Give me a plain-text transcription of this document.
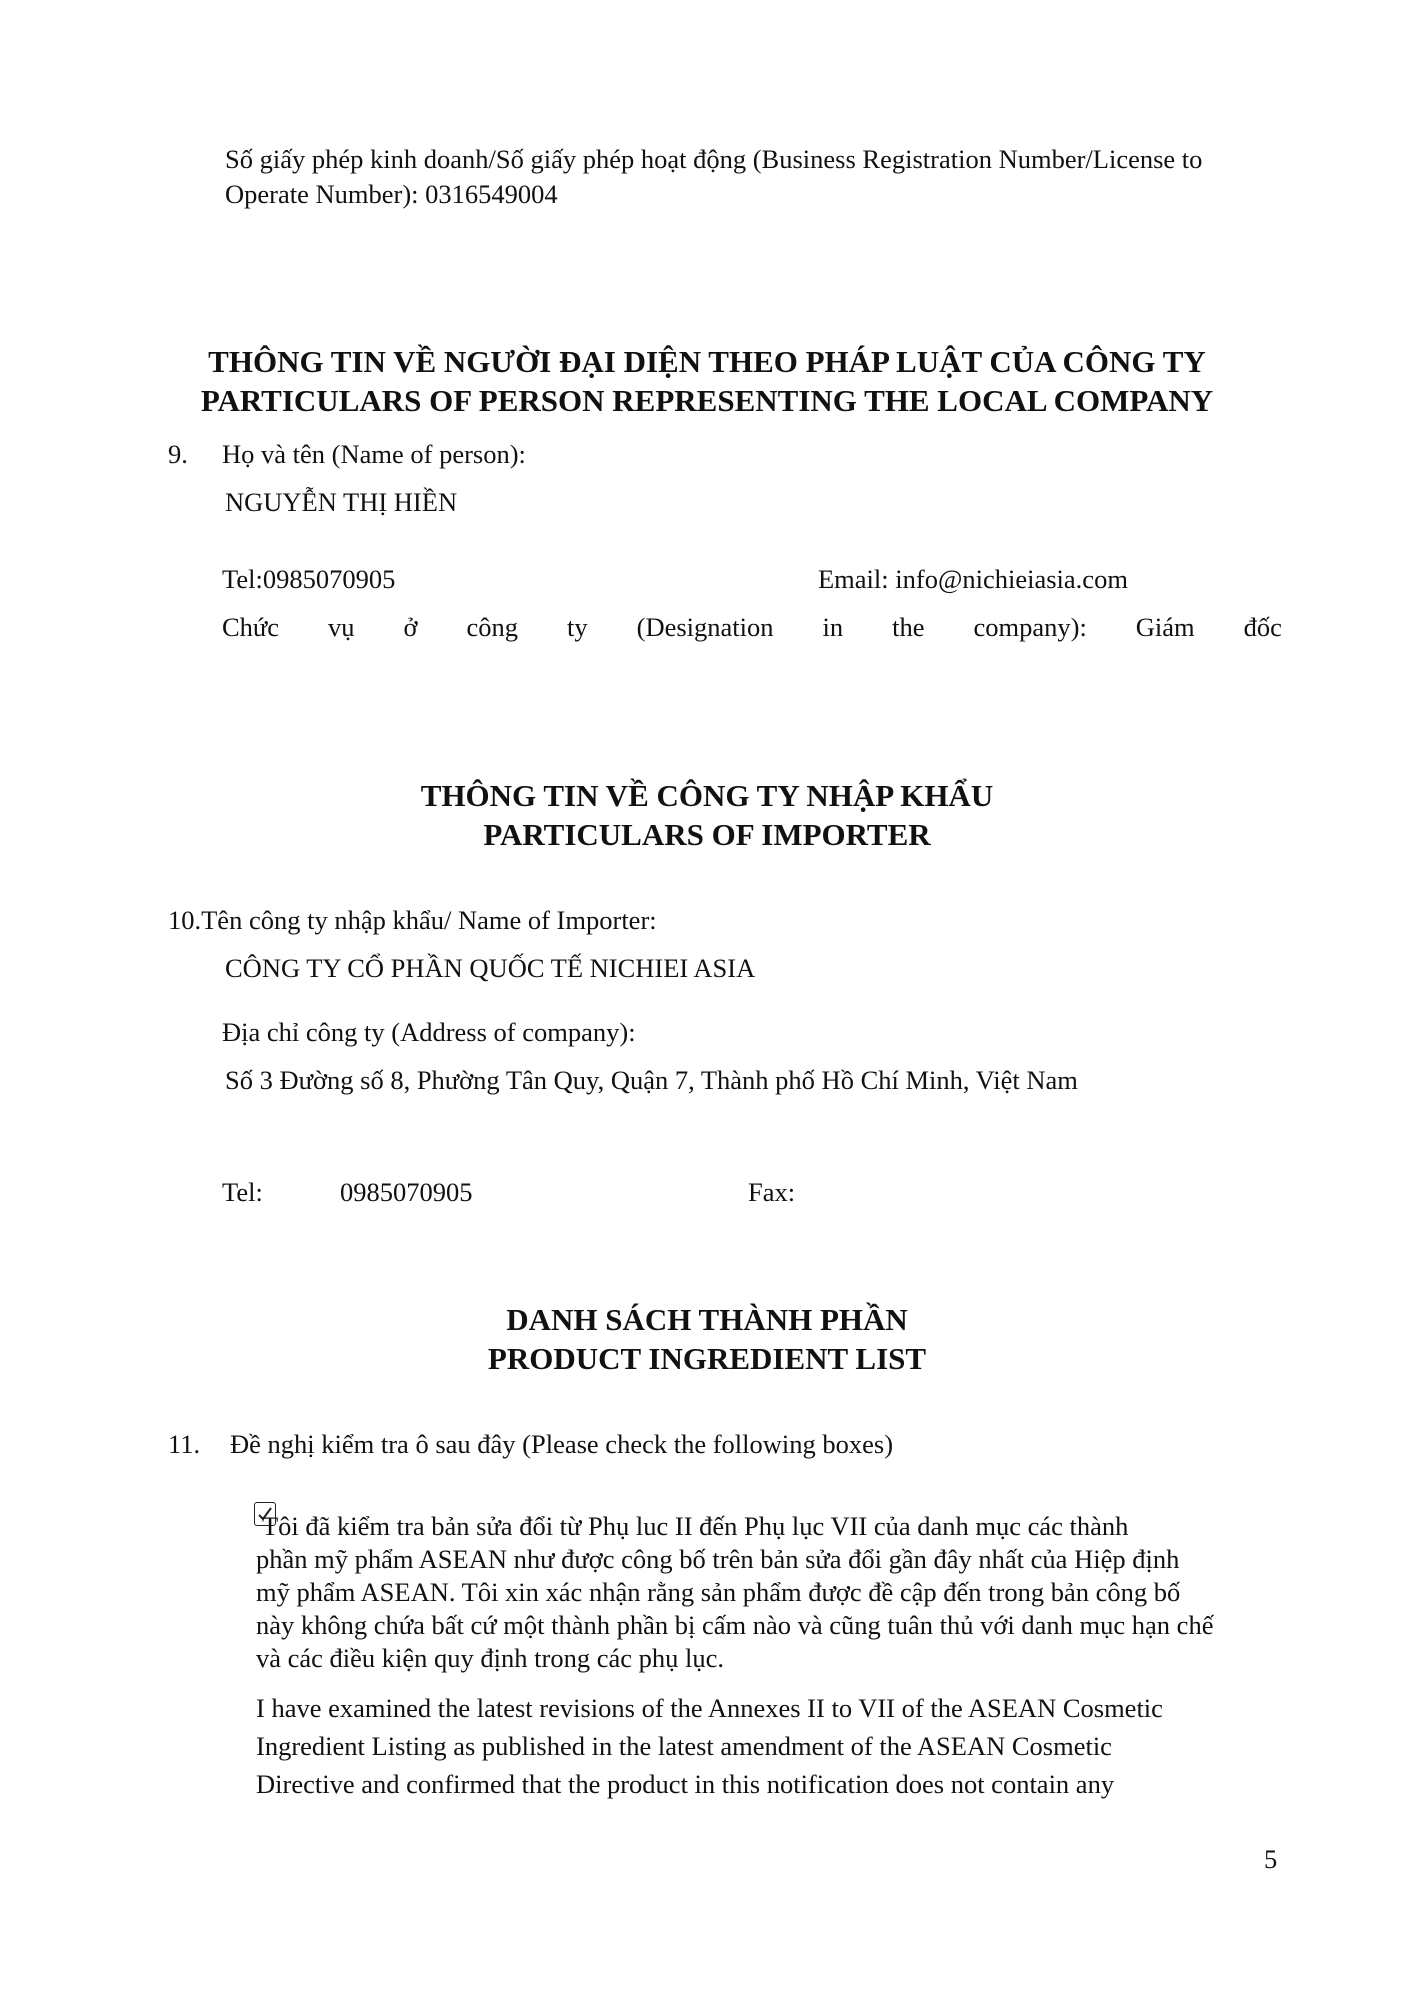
Số giấy phép kinh doanh/Số giấy phép hoạt động (Business Registration Number/License to
Operate Number): 0316549004
THÔNG TIN VỀ NGƯỜI ĐẠI DIỆN THEO PHÁP LUẬT CỦA CÔNG TY
PARTICULARS OF PERSON REPRESENTING THE LOCAL COMPANY
9. Họ và tên (Name of person):
NGUYỄN THỊ HIỀN
Tel:0985070905	Email: info@nichieiasia.com
Chức vụ ở công ty (Designation in the company): Giám đốc
THÔNG TIN VỀ CÔNG TY NHẬP KHẨU
PARTICULARS OF IMPORTER
10.Tên công ty nhập khẩu/ Name of Importer:
CÔNG TY CỔ PHẦN QUỐC TẾ NICHIEI ASIA
Địa chỉ công ty (Address of company):
Số 3 Đường số 8, Phường Tân Quy, Quận 7, Thành phố Hồ Chí Minh, Việt Nam
Tel:	0985070905	Fax:
DANH SÁCH THÀNH PHẦN
PRODUCT INGREDIENT LIST
11. Đề nghị kiểm tra ô sau đây (Please check the following boxes)
Tôi đã kiểm tra bản sửa đổi từ Phụ luc II đến Phụ lục VII của danh mục các thành
phần mỹ phẩm ASEAN như được công bố trên bản sửa đổi gần đây nhất của Hiệp định
mỹ phẩm ASEAN. Tôi xin xác nhận rằng sản phẩm được đề cập đến trong bản công bố
này không chứa bất cứ một thành phần bị cấm nào và cũng tuân thủ với danh mục hạn chế
và các điều kiện quy định trong các phụ lục.
I have examined the latest revisions of the Annexes II to VII of the ASEAN Cosmetic
Ingredient Listing as published in the latest amendment of the ASEAN Cosmetic
Directive and confirmed that the product in this notification does not contain any
5
